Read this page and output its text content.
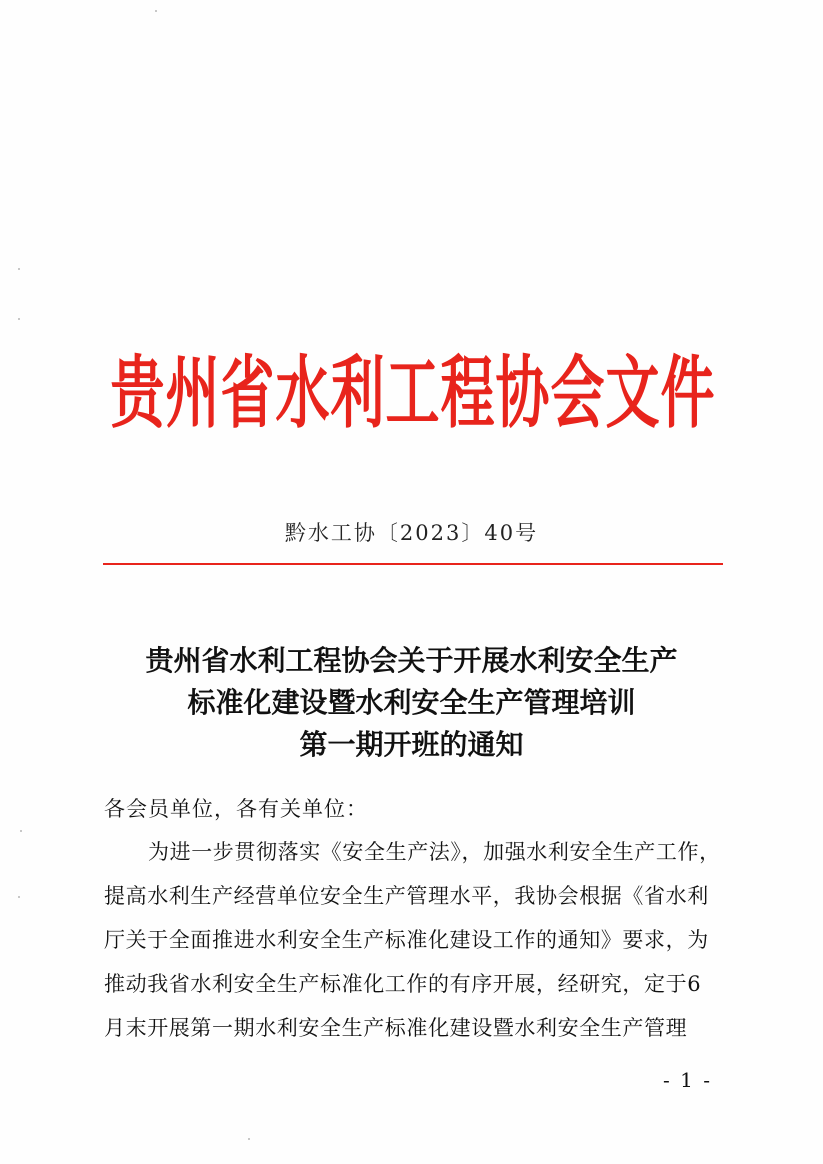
贵州省水利工程协会文件
黔水工协〔2023〕40号
贵州省水利工程协会关于开展水利安全生产
标准化建设暨水利安全生产管理培训
第一期开班的通知
各会员单位，各有关单位：
为进一步贯彻落实《安全生产法》，加强水利安全生产工作，
提高水利生产经营单位安全生产管理水平，我协会根据《省水利
厅关于全面推进水利安全生产标准化建设工作的通知》要求，为
推动我省水利安全生产标准化工作的有序开展，经研究，定于6
月末开展第一期水利安全生产标准化建设暨水利安全生产管理
- 1 -
